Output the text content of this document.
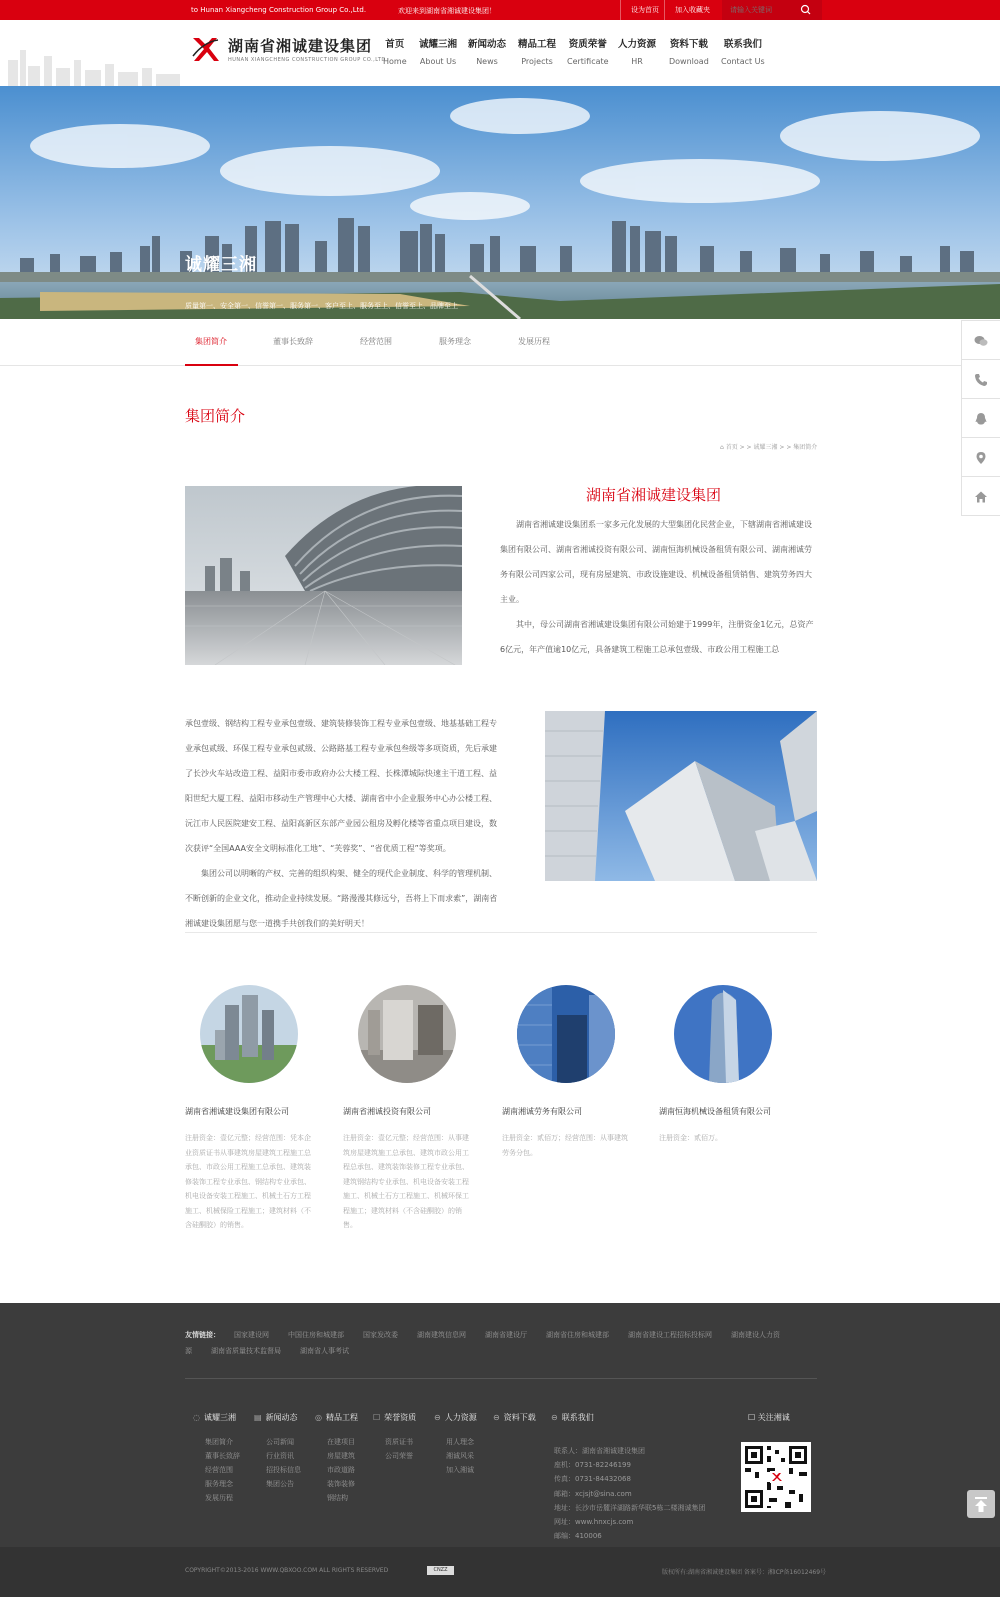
to Hunan Xiangcheng Construction Group Co.,Ltd.	欢迎来到湖南省湘诚建设集团！	设为首页	加入收藏夹
请输入关键词
湖南省湘诚建设集团
HUNAN XIANGCHENG CONSTRUCTION GROUP CO.,LTD
首页
Home
诚耀三湘
About Us
新闻动态
News
精品工程
Projects
资质荣誉
Certificate
人力资源
HR
资料下载
Download
联系我们
Contact Us
诚耀三湘
质量第一、安全第一、信誉第一、服务第一、客户至上、服务至上、信誉至上、品牌至上
集团简介	董事长致辞	经营范围	服务理念	发展历程
集团简介
⌂ 首页 > > 诚耀三湘 > > 集团简介
湖南省湘诚建设集团

湖南省湘诚建设集团系一家多元化发展的大型集团化民营企业，下辖湖南省湘诚建设集团有限公司、湖南省湘诚投资有限公司、湖南恒海机械设备租赁有限公司、湖南湘诚劳务有限公司四家公司，现有房屋建筑、市政设施建设、机械设备租赁销售、建筑劳务四大主业。

其中，母公司湖南省湘诚建设集团有限公司始建于1999年，注册资金1亿元，总资产6亿元，年产值逾10亿元，具备建筑工程施工总承包壹级、市政公用工程施工总

承包壹级、钢结构工程专业承包壹级、建筑装修装饰工程专业承包壹级、地基基础工程专业承包贰级、环保工程专业承包贰级、公路路基工程专业承包叁级等多项资质，先后承建了长沙火车站改造工程、益阳市委市政府办公大楼工程、长株潭城际快速主干道工程、益阳世纪大厦工程、益阳市移动生产管理中心大楼、湖南省中小企业服务中心办公楼工程、沅江市人民医院建安工程、益阳高新区东部产业园公租房及孵化楼等省重点项目建设，数次获评“全国AAA安全文明标准化工地”、“芙蓉奖”、“省优质工程”等奖项。

集团公司以明晰的产权、完善的组织构架、健全的现代企业制度、科学的管理机制、不断创新的企业文化，推动企业持续发展。“路漫漫其修远兮，吾将上下而求索”，湖南省湘诚建设集团愿与您一道携手共创我们的美好明天！

湖南省湘诚建设集团有限公司
注册资金：壹亿元整；经营范围：凭本企业资质证书从事建筑房屋建筑工程施工总承包、市政公用工程施工总承包、建筑装修装饰工程专业承包、钢结构专业承包、机电设备安装工程施工、机械土石方工程施工、机械保险工程施工；建筑材料（不含硅酮胶）的销售。
湖南省湘诚投资有限公司
注册资金：壹亿元整；经营范围：从事建筑房屋建筑施工总承包、建筑市政公用工程总承包、建筑装饰装修工程专业承包、建筑钢结构专业承包、机电设备安装工程施工、机械土石方工程施工、机械环保工程施工；建筑材料（不含硅酮胶）的销售。
湖南湘诚劳务有限公司
注册资金：贰佰万；经营范围：从事建筑劳务分包。
湖南恒海机械设备租赁有限公司
注册资金：贰佰万。
友情链接： 国家建设网	中国住房和城建部	国家发改委	湖南建筑信息网	湖南省建设厅	湖南省住房和城建部	湖南省建设工程招标投标网	湖南建设人力资源	湖南省质量技术监督局	湖南省人事考试
◌ 诚耀三湘
集团简介
董事长致辞
经营范围
服务理念
发展历程
▤ 新闻动态
公司新闻
行业资讯
招投标信息
集团公告
◎ 精品工程
在建项目
房屋建筑
市政道路
装饰装修
钢结构
☐ 荣誉资质
资质证书
公司荣誉
⊖ 人力资源
用人理念
湘诚风采
加入湘诚
⊖ 资料下载 ⊖ 联系我们
联系人：湖南省湘诚建设集团
座机：0731-82246199
传真：0731-84432068
邮箱：xcjsjt@sina.com
地址：长沙市岳麓洋湖路新华联5栋二楼湘诚集团
网址：www.hnxcjs.com
邮编：410006
☐ 关注湘诚
COPYRIGHT©2013-2016 WWW.QBXOO.COM ALL RIGHTS RESERVED	CNZZ	版权所有:湖南省湘诚建设集团 备案号：湘ICP备16012469号
